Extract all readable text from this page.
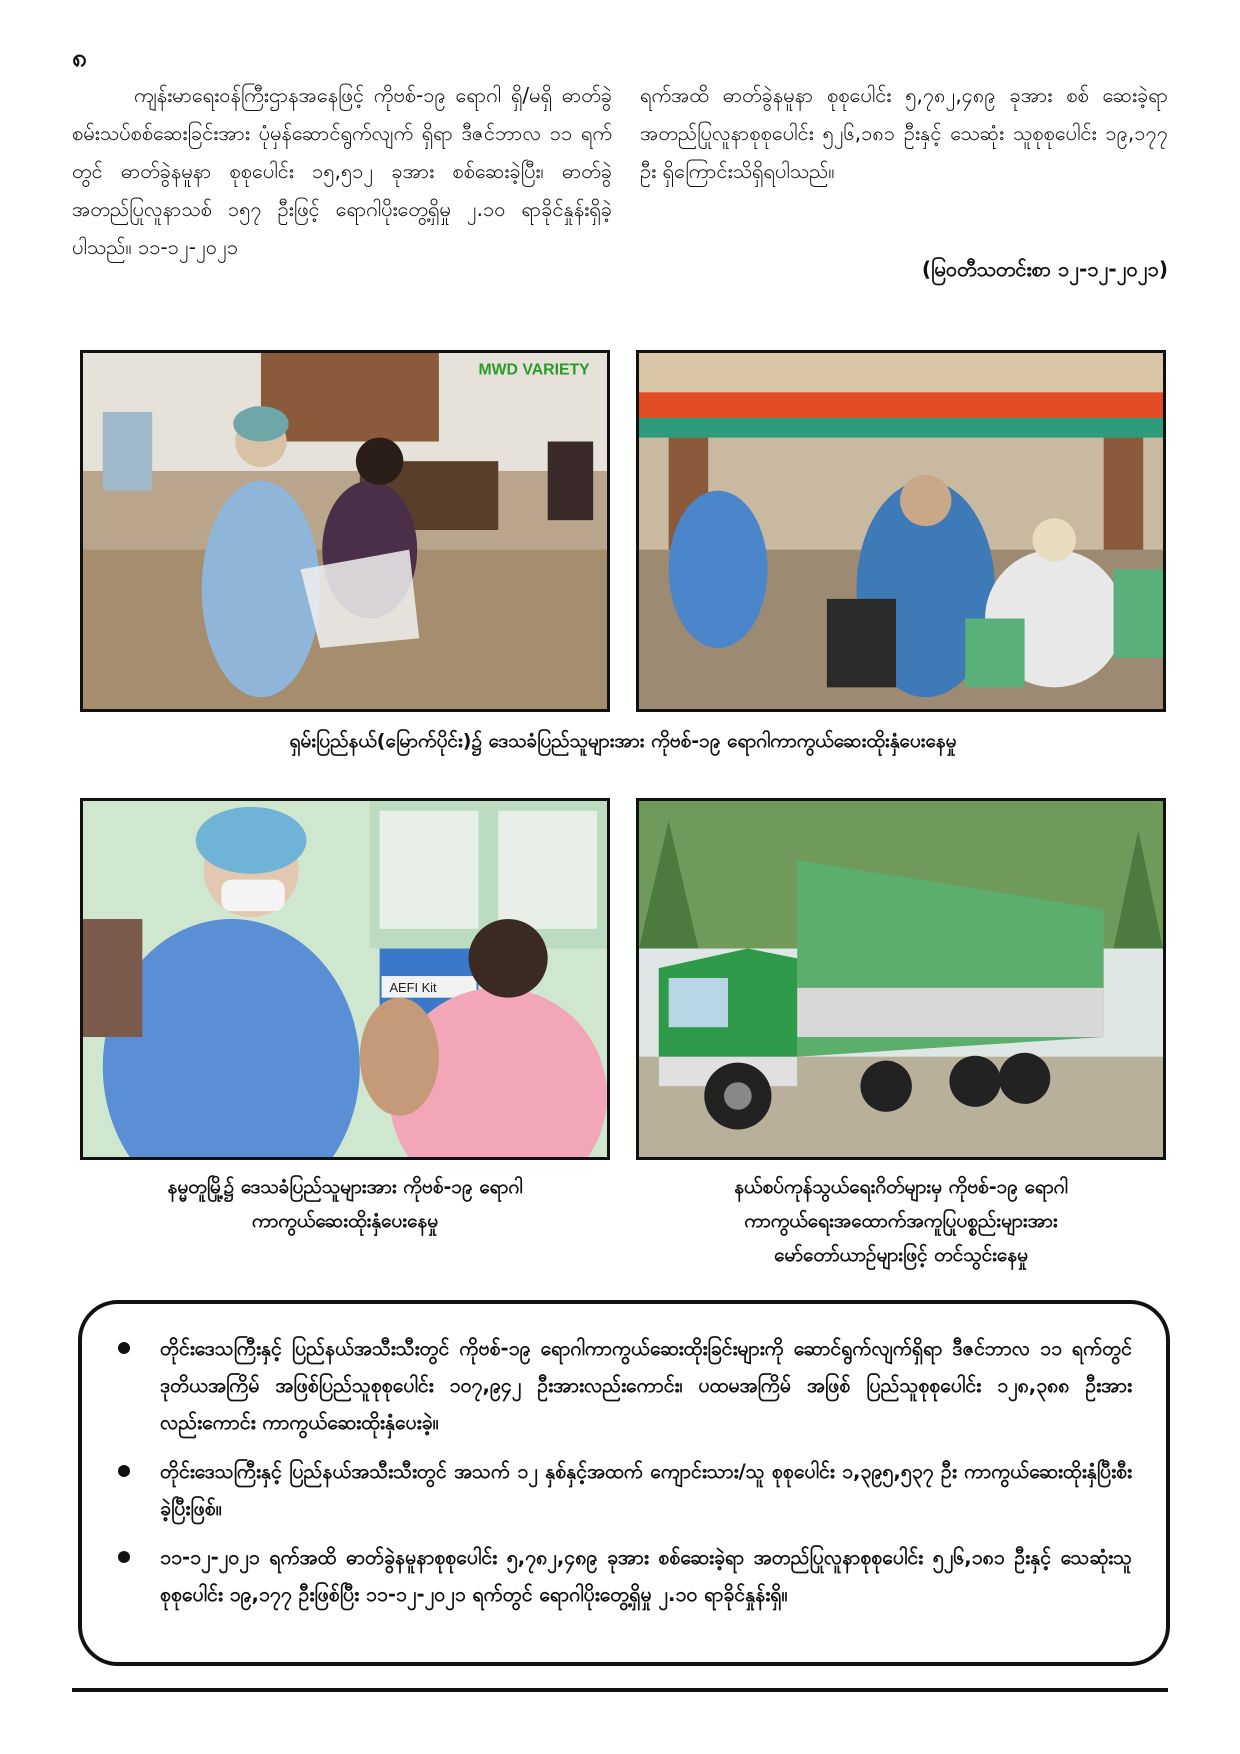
၈

ကျန်းမာရေးဝန်ကြီးဌာနအနေဖြင့် ကိုဗစ်-၁၉ ရောဂါ ရှိ/မရှိ ဓာတ်ခွဲစမ်းသပ်စစ်ဆေးခြင်းအား ပုံမှန်ဆောင်ရွက်လျက် ရှိရာ ဒီဇင်ဘာလ ၁၁ ရက်တွင် ဓာတ်ခွဲနမူနာ စုစုပေါင်း ၁၅,၅၁၂ ခုအား စစ်ဆေးခဲ့ပြီး၊ ဓာတ်ခွဲအတည်ပြုလူနာသစ် ၁၅၇ ဦးဖြင့် ရောဂါပိုးတွေ့ရှိမှု ၂.၁၀ ရာခိုင်နှုန်းရှိခဲ့ပါသည်။ ၁၁-၁၂-၂၀၂၁

ရက်အထိ ဓာတ်ခွဲနမူနာ စုစုပေါင်း ၅,၇၈၂,၄၈၉ ခုအား စစ် ဆေးခဲ့ရာ အတည်ပြုလူနာစုစုပေါင်း ၅၂၆,၁၈၁ ဦးနှင့် သေဆုံး သူစုစုပေါင်း ၁၉,၁၇၇ ဦး ရှိကြောင်းသိရှိရပါသည်။

(မြဝတီသတင်းစာ ၁၂-၁၂-၂၀၂၁)
MWD VARIETY
AEFI Kit
ရှမ်းပြည်နယ်(မြောက်ပိုင်း)၌ ဒေသခံပြည်သူများအား ကိုဗစ်-၁၉ ရောဂါကာကွယ်ဆေးထိုးနှံပေးနေမှု
နမ္မတူမြို့၌ ဒေသခံပြည်သူများအား ကိုဗစ်-၁၉ ရောဂါ
ကာကွယ်ဆေးထိုးနှံပေးနေမှု
နယ်စပ်ကုန်သွယ်ရေးဂိတ်များမှ ကိုဗစ်-၁၉ ရောဂါ
ကာကွယ်ရေးအထောက်အကူပြုပစ္စည်းများအား
မော်တော်ယာဉ်များဖြင့် တင်သွင်းနေမှု
တိုင်းဒေသကြီးနှင့် ပြည်နယ်အသီးသီးတွင် ကိုဗစ်-၁၉ ရောဂါကာကွယ်ဆေးထိုးခြင်းများကို ဆောင်ရွက်လျက်ရှိရာ ဒီဇင်ဘာလ ၁၁ ရက်တွင် ဒုတိယအကြိမ် အဖြစ်ပြည်သူစုစုပေါင်း ၁၀၇,၉၄၂ ဦးအားလည်းကောင်း၊ ပထမအကြိမ် အဖြစ် ပြည်သူစုစုပေါင်း ၁၂၈,၃၈၈ ဦးအားလည်းကောင်း ကာကွယ်ဆေးထိုးနှံပေးခဲ့။
တိုင်းဒေသကြီးနှင့် ပြည်နယ်အသီးသီးတွင် အသက် ၁၂ နှစ်နှင့်အထက် ကျောင်းသား/သူ စုစုပေါင်း ၁,၃၉၅,၅၃၇ ဦး ကာကွယ်ဆေးထိုးနှံပြီးစီးခဲ့ပြီးဖြစ်။
၁၁-၁၂-၂၀၂၁ ရက်အထိ ဓာတ်ခွဲနမူနာစုစုပေါင်း ၅,၇၈၂,၄၈၉ ခုအား စစ်ဆေးခဲ့ရာ အတည်ပြုလူနာစုစုပေါင်း ၅၂၆,၁၈၁ ဦးနှင့် သေဆုံးသူစုစုပေါင်း ၁၉,၁၇၇ ဦးဖြစ်ပြီး ၁၁-၁၂-၂၀၂၁ ရက်တွင် ရောဂါပိုးတွေ့ရှိမှု ၂.၁၀ ရာခိုင်နှုန်းရှိ။
